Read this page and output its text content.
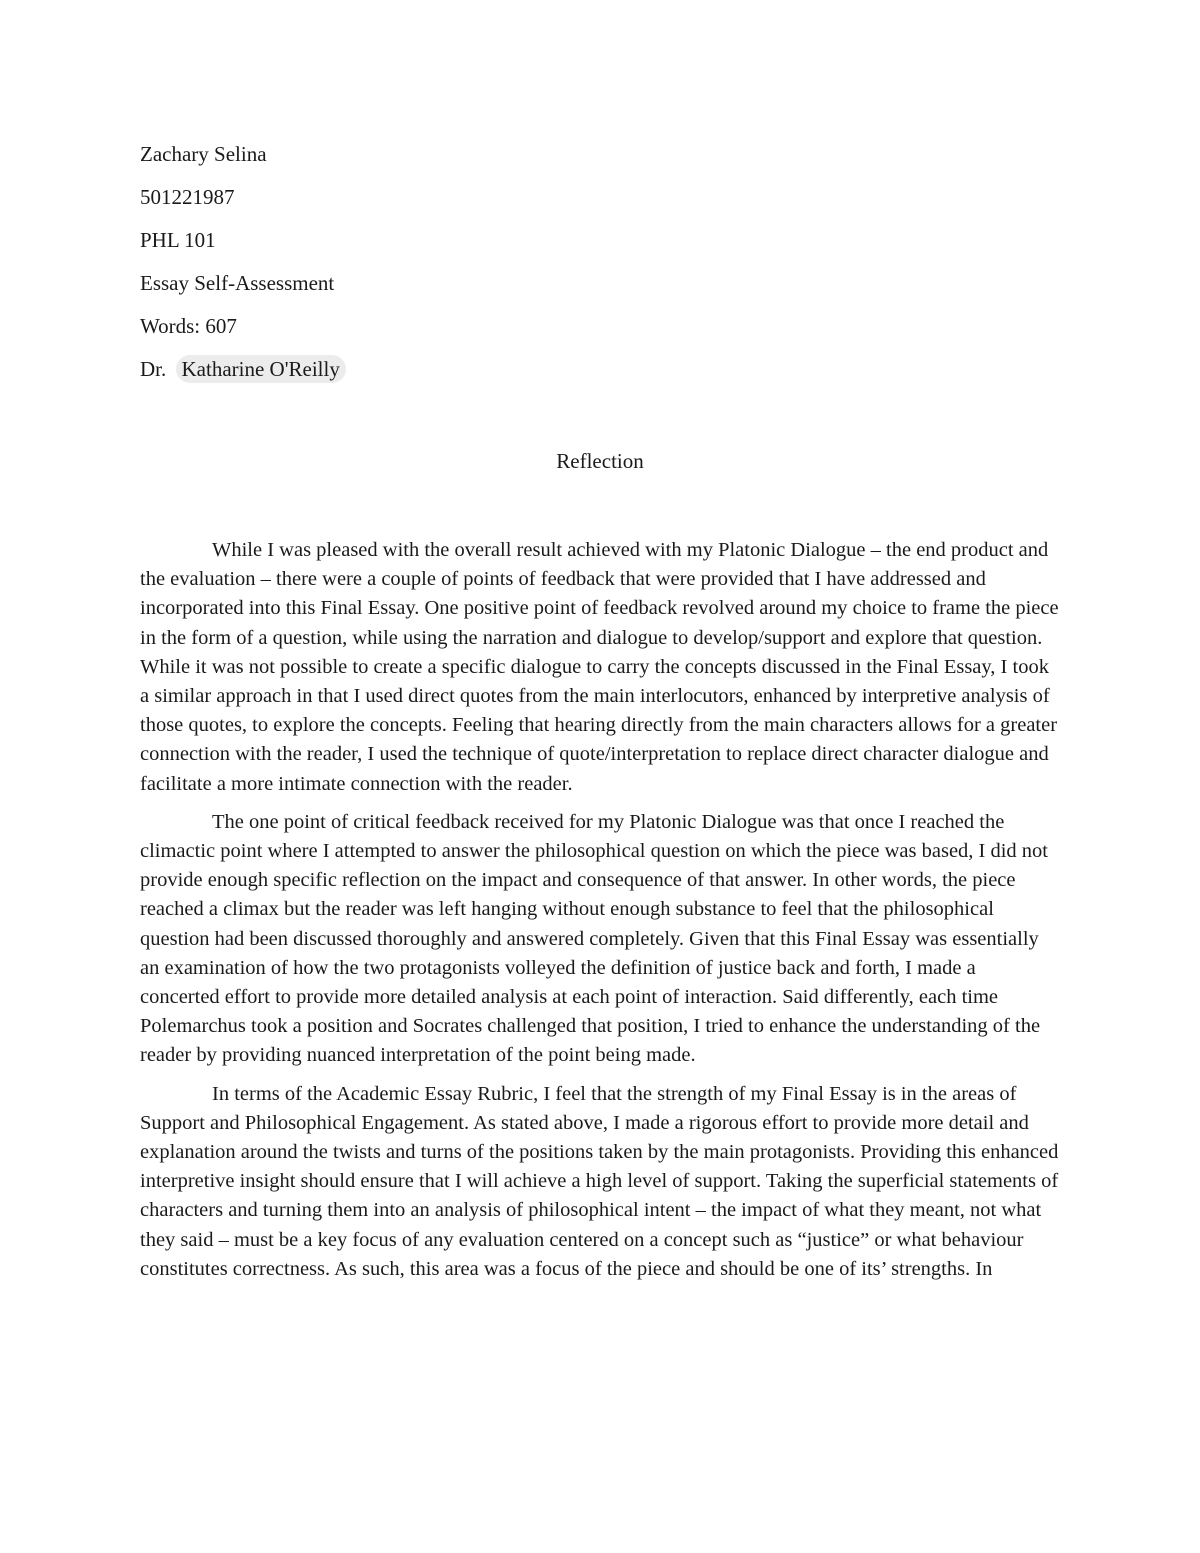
Zachary Selina
501221987
PHL 101
Essay Self-Assessment
Words: 607
Dr. Katharine O'Reilly
Reflection

While I was pleased with the overall result achieved with my Platonic Dialogue – the end product and the evaluation – there were a couple of points of feedback that were provided that I have addressed and incorporated into this Final Essay. One positive point of feedback revolved around my choice to frame the piece in the form of a question, while using the narration and dialogue to develop/support and explore that question. While it was not possible to create a specific dialogue to carry the concepts discussed in the Final Essay, I took a similar approach in that I used direct quotes from the main interlocutors, enhanced by interpretive analysis of those quotes, to explore the concepts. Feeling that hearing directly from the main characters allows for a greater connection with the reader, I used the technique of quote/interpretation to replace direct character dialogue and facilitate a more intimate connection with the reader.

The one point of critical feedback received for my Platonic Dialogue was that once I reached the climactic point where I attempted to answer the philosophical question on which the piece was based, I did not provide enough specific reflection on the impact and consequence of that answer. In other words, the piece reached a climax but the reader was left hanging without enough substance to feel that the philosophical question had been discussed thoroughly and answered completely. Given that this Final Essay was essentially an examination of how the two protagonists volleyed the definition of justice back and forth, I made a concerted effort to provide more detailed analysis at each point of interaction. Said differently, each time Polemarchus took a position and Socrates challenged that position, I tried to enhance the understanding of the reader by providing nuanced interpretation of the point being made.

In terms of the Academic Essay Rubric, I feel that the strength of my Final Essay is in the areas of Support and Philosophical Engagement. As stated above, I made a rigorous effort to provide more detail and explanation around the twists and turns of the positions taken by the main protagonists. Providing this enhanced interpretive insight should ensure that I will achieve a high level of support. Taking the superficial statements of characters and turning them into an analysis of philosophical intent – the impact of what they meant, not what they said – must be a key focus of any evaluation centered on a concept such as “justice” or what behaviour constitutes correctness. As such, this area was a focus of the piece and should be one of its’ strengths. In
